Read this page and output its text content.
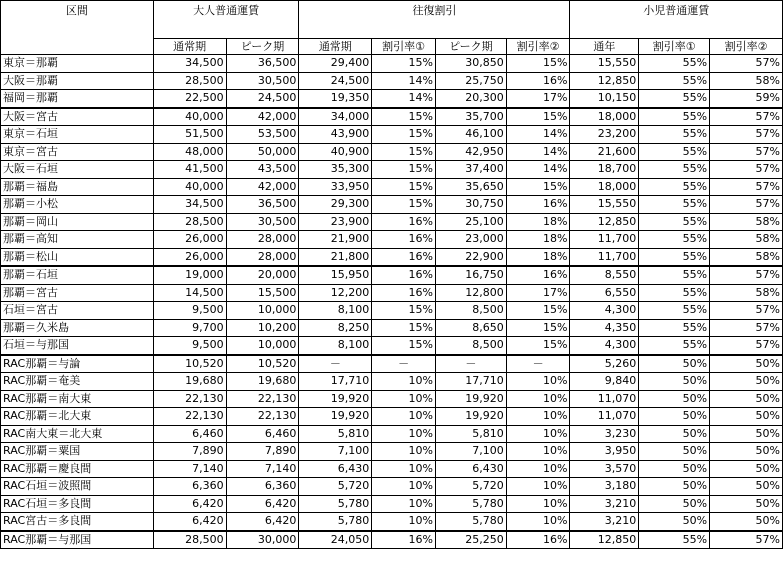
区間	大人普通運賃		往復割引				小児普通運賃		
	通常期	ピーク期	通常期	割引率①	ピーク期	割引率②	通年	割引率①	割引率②
東京＝那覇	34,500	36,500	29,400	15%	30,850	15%	15,550	55%	57%
大阪＝那覇	28,500	30,500	24,500	14%	25,750	16%	12,850	55%	58%
福岡＝那覇	22,500	24,500	19,350	14%	20,300	17%	10,150	55%	59%
大阪＝宮古	40,000	42,000	34,000	15%	35,700	15%	18,000	55%	57%
東京＝石垣	51,500	53,500	43,900	15%	46,100	14%	23,200	55%	57%
東京＝宮古	48,000	50,000	40,900	15%	42,950	14%	21,600	55%	57%
大阪＝石垣	41,500	43,500	35,300	15%	37,400	14%	18,700	55%	57%
那覇＝福島	40,000	42,000	33,950	15%	35,650	15%	18,000	55%	57%
那覇＝小松	34,500	36,500	29,300	15%	30,750	16%	15,550	55%	57%
那覇＝岡山	28,500	30,500	23,900	16%	25,100	18%	12,850	55%	58%
那覇＝高知	26,000	28,000	21,900	16%	23,000	18%	11,700	55%	58%
那覇＝松山	26,000	28,000	21,800	16%	22,900	18%	11,700	55%	58%
那覇＝石垣	19,000	20,000	15,950	16%	16,750	16%	8,550	55%	57%
那覇＝宮古	14,500	15,500	12,200	16%	12,800	17%	6,550	55%	58%
石垣＝宮古	9,500	10,000	8,100	15%	8,500	15%	4,300	55%	57%
那覇＝久米島	9,700	10,200	8,250	15%	8,650	15%	4,350	55%	57%
石垣＝与那国	9,500	10,000	8,100	15%	8,500	15%	4,300	55%	57%
RAC那覇＝与論	10,520	10,520	－	－	－	－	5,260	50%	50%
RAC那覇＝奄美	19,680	19,680	17,710	10%	17,710	10%	9,840	50%	50%
RAC那覇＝南大東	22,130	22,130	19,920	10%	19,920	10%	11,070	50%	50%
RAC那覇＝北大東	22,130	22,130	19,920	10%	19,920	10%	11,070	50%	50%
RAC南大東＝北大東	6,460	6,460	5,810	10%	5,810	10%	3,230	50%	50%
RAC那覇＝粟国	7,890	7,890	7,100	10%	7,100	10%	3,950	50%	50%
RAC那覇＝慶良間	7,140	7,140	6,430	10%	6,430	10%	3,570	50%	50%
RAC石垣＝波照間	6,360	6,360	5,720	10%	5,720	10%	3,180	50%	50%
RAC石垣＝多良間	6,420	6,420	5,780	10%	5,780	10%	3,210	50%	50%
RAC宮古＝多良間	6,420	6,420	5,780	10%	5,780	10%	3,210	50%	50%
RAC那覇＝与那国	28,500	30,000	24,050	16%	25,250	16%	12,850	55%	57%
